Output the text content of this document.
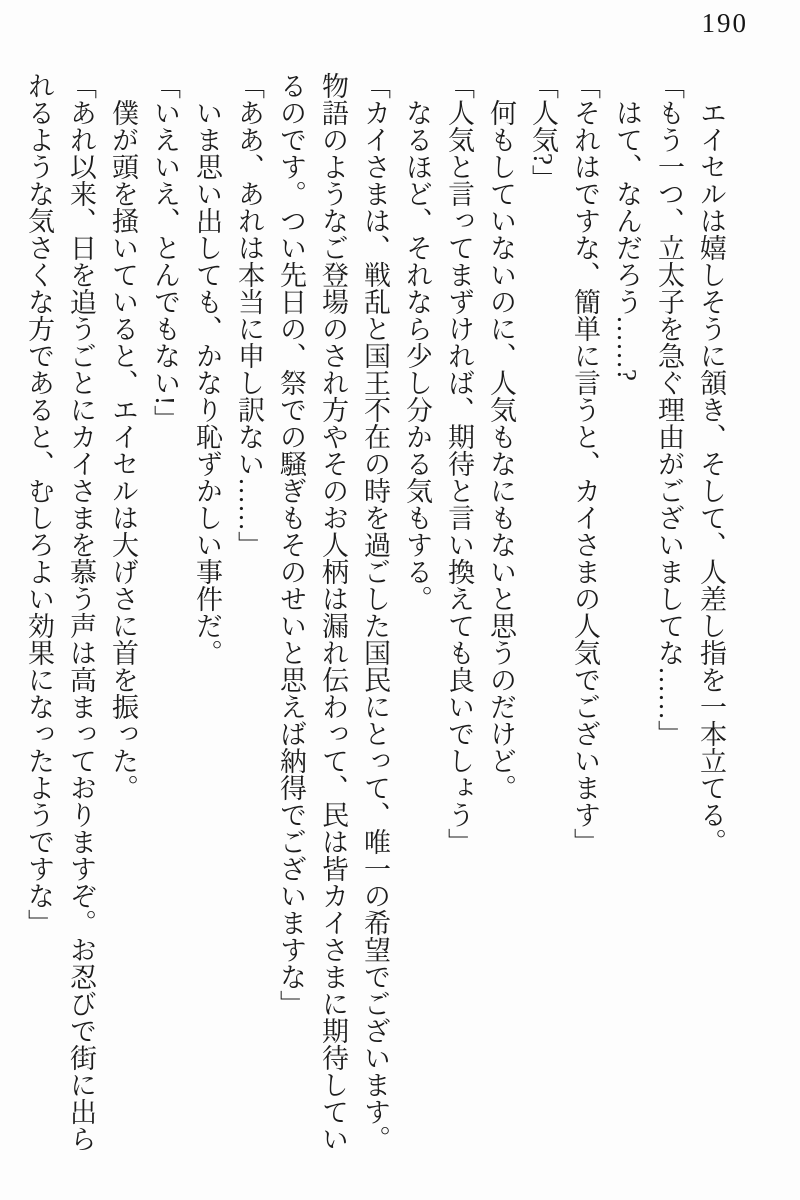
190

エイセルは嬉しそうに頷き、そして、人差し指を一本立てる。

「もう一つ、立太子を急ぐ理由がございましてな……」

はて、なんだろう……?

「それはですな、簡単に言うと、カイさまの人気でございます」

「人気?」

何もしていないのに、人気もなにもないと思うのだけど。

「人気と言ってまずければ、期待と言い換えても良いでしょう」

なるほど、それなら少し分かる気もする。

「カイさまは、戦乱と国王不在の時を過ごした国民にとって、唯一の希望でございます。物語のようなご登場のされ方やそのお人柄は漏れ伝わって、民は皆カイさまに期待しているのです。つい先日の、祭での騒ぎもそのせいと思えば納得でございますな」

「ああ、あれは本当に申し訳ない……」

いま思い出しても、かなり恥ずかしい事件だ。

「いえいえ、とんでもない!」

僕が頭を掻いていると、エイセルは大げさに首を振った。

「あれ以来、日を追うごとにカイさまを慕う声は高まっておりますぞ。お忍びで街に出られるような気さくな方であると、むしろよい効果になったようですな」
